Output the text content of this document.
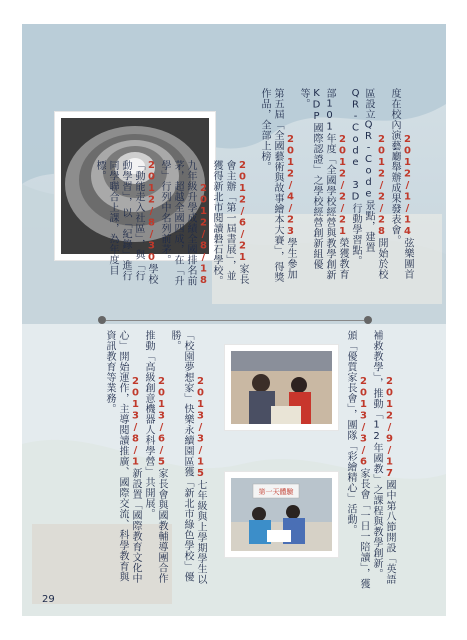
2012/1/14弦樂團首度在校內演藝廳舉辦成果發表會。
2012/2/28開始於校區設立QR-Code景點，建置QR-Code 3D行動學習點。
2012/2/21榮獲教育部101年度「全國學校經營與教學創新KDP國際認證」之學校經營創新組優等。
2012/4/23學生參加第五屆「全國藝術與故事繪本大賽」，得獎作品，全部上榜。

2012/6/21家長會主辦「第一屆書展」，並獲得新北市閱讀磐石學校。
2012/8/18九年級升學成績全國排名前茅，超越全國四成，在「升學」行列中名列前茅。2012/8/30學校「動能走入社區」，與「行動學習」，以「紀錄」進行同學聯合上課，為年度目標。
第一天體驗

2012/9/17國中第八節開設「英語補救教學」，推動「12年國教」之課程與教學創新。
2013/3/6家長會「一日一陪讀」，獲頒「優質家長會」，團隊「彩繪精心」活動。

2013/3/15七年級與上學期學生以「校園夢想家」快樂永續園區獲「新北市綠色學校」優勝。
2013/6/5家長會與國教輔導團合作推動「高級創意機器人科學營」共開展。
2013/8/1新設置「國際教育文化中心」開始運作，主導閱讀推廣、國際交流、科學教育與資訊教育等業務。

29
